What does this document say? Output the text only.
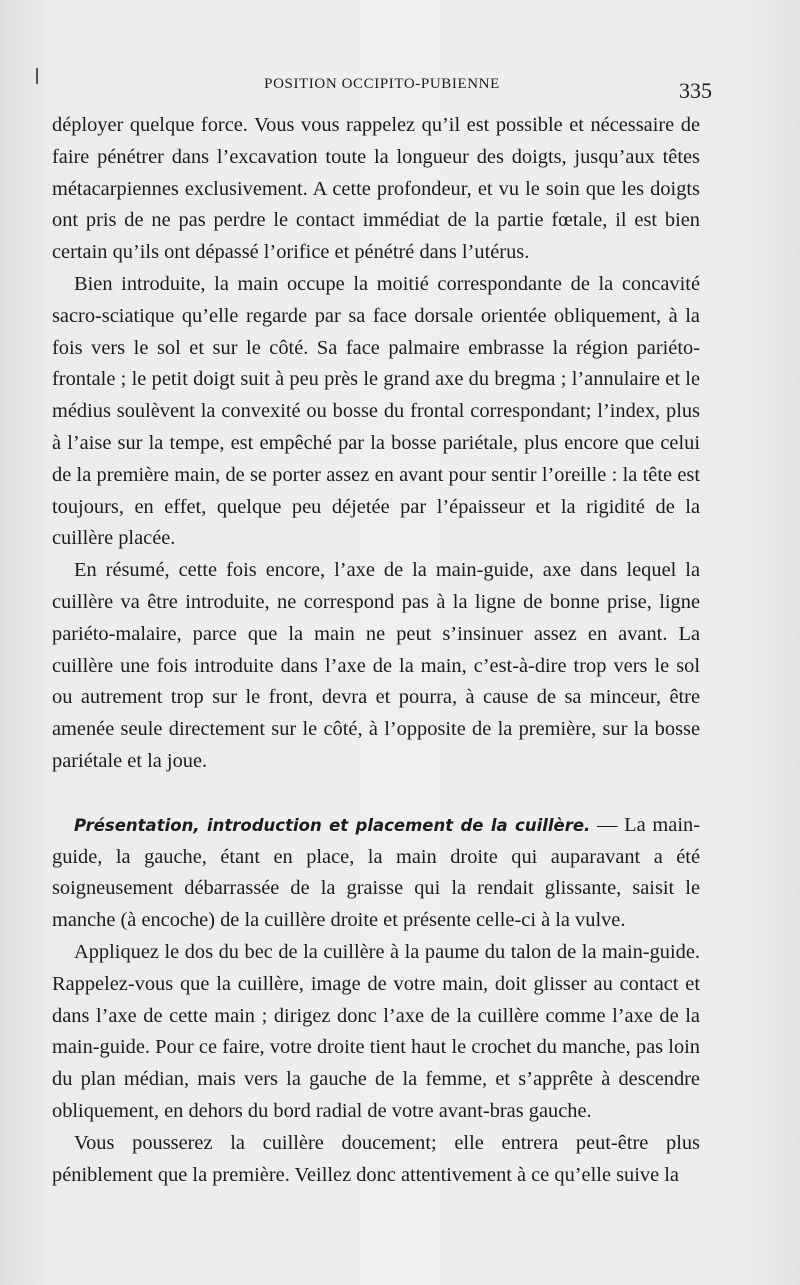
POSITION OCCIPITO-PUBIENNE	335

déployer quelque force. Vous vous rappelez qu’il est possible et nécessaire de faire pénétrer dans l’excavation toute la longueur des doigts, jusqu’aux têtes métacarpiennes exclusivement. A cette profondeur, et vu le soin que les doigts ont pris de ne pas perdre le contact immédiat de la partie fœtale, il est bien certain qu’ils ont dépassé l’orifice et pénétré dans l’utérus.

Bien introduite, la main occupe la moitié correspondante de la concavité sacro-sciatique qu’elle regarde par sa face dorsale orientée obliquement, à la fois vers le sol et sur le côté. Sa face palmaire embrasse la région pariéto-frontale ; le petit doigt suit à peu près le grand axe du bregma ; l’annulaire et le médius soulèvent la convexité ou bosse du frontal correspondant; l’index, plus à l’aise sur la tempe, est empêché par la bosse pariétale, plus encore que celui de la première main, de se porter assez en avant pour sentir l’oreille : la tête est toujours, en effet, quelque peu déjetée par l’épaisseur et la rigidité de la cuillère placée.

En résumé, cette fois encore, l’axe de la main-guide, axe dans lequel la cuillère va être introduite, ne correspond pas à la ligne de bonne prise, ligne pariéto-malaire, parce que la main ne peut s’insinuer assez en avant. La cuillère une fois introduite dans l’axe de la main, c’est-à-dire trop vers le sol ou autrement trop sur le front, devra et pourra, à cause de sa minceur, être amenée seule directement sur le côté, à l’opposite de la première, sur la bosse pariétale et la joue.

Présentation, introduction et placement de la cuillère. — La main-guide, la gauche, étant en place, la main droite qui auparavant a été soigneusement débarrassée de la graisse qui la rendait glissante, saisit le manche (à encoche) de la cuillère droite et présente celle-ci à la vulve.

Appliquez le dos du bec de la cuillère à la paume du talon de la main-guide. Rappelez-vous que la cuillère, image de votre main, doit glisser au contact et dans l’axe de cette main ; dirigez donc l’axe de la cuillère comme l’axe de la main-guide. Pour ce faire, votre droite tient haut le crochet du manche, pas loin du plan médian, mais vers la gauche de la femme, et s’apprête à descendre obliquement, en dehors du bord radial de votre avant-bras gauche.

Vous pousserez la cuillère doucement; elle entrera peut-être plus péniblement que la première. Veillez donc attentivement à ce qu’elle suive la
